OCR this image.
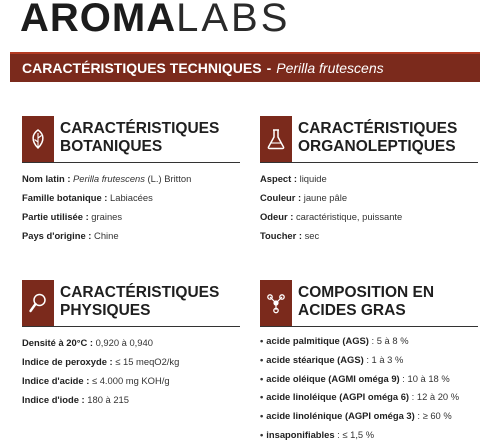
AROMALABS
CARACTÉRISTIQUES TECHNIQUES - Perilla frutescens
CARACTÉRISTIQUES
BOTANIQUES
Nom latin : Perilla frutescens (L.) Britton
Famille botanique : Labiacées
Partie utilisée : graines
Pays d'origine : Chine
CARACTÉRISTIQUES
ORGANOLEPTIQUES
Aspect : liquide
Couleur : jaune pâle
Odeur : caractéristique, puissante
Toucher : sec
CARACTÉRISTIQUES
PHYSIQUES
Densité à 20°C : 0,920 à 0,940
Indice de peroxyde : ≤ 15 meqO2/kg
Indice d'acide : ≤ 4.000 mg KOH/g
Indice d'iode : 180 à 215
COMPOSITION EN
ACIDES GRAS
• acide palmitique (AGS) : 5 à 8 %
• acide stéarique (AGS) : 1 à 3 %
• acide oléique (AGMI oméga 9) : 10 à 18 %
• acide linoléique (AGPI oméga 6) : 12 à 20 %
• acide linolénique (AGPI oméga 3) : ≥ 60 %
• insaponifiables : ≤ 1,5 %
